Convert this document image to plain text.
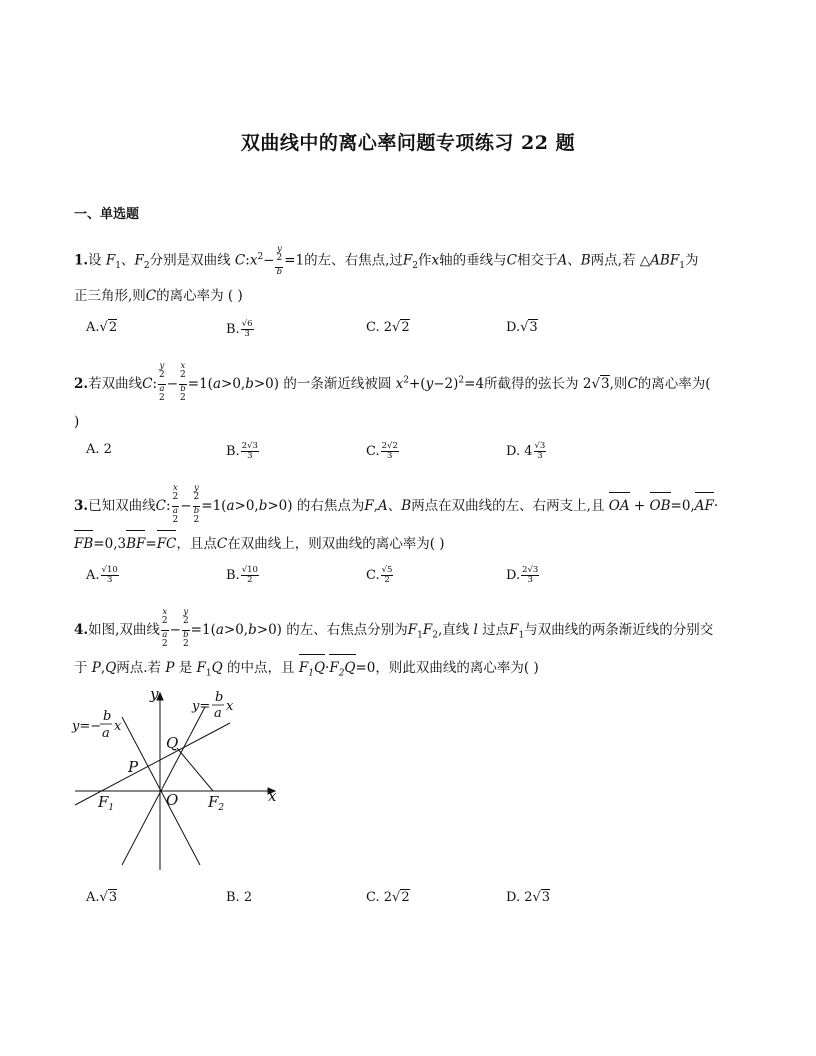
双曲线中的离心率问题专项练习 22 题
一、单选题
1.设 $F_1$、$F_2$分别是双曲线 $C:x^2- y$
$^2$
b =1的左、右焦点,过$F_2$作x轴的垂线与C相交于A、B两点,若 $\triangle ABF_1$为
正三角形,则C的离心率为 ( )
A.√2	B. $\frac{√6}{3}$	C. 2√2	D.√3
2.若双曲线C: y
$^2$
a
$^2$ − x
$^2$
b
$^2$ =1(a>0,b>0) 的一条渐近线被圆 $x^2+(y-2)^2=4$所截得的弦长为 2√3,则C的离心率为(
)
A. 2	B. $\frac{2√3}{3}$	C. $\frac{2√2}{3}$	D. $4 \frac{√3}{3}$
3.已知双曲线C: x
$^2$
a
$^2$ − y
$^2$
b
$^2$ =1(a>0,b>0) 的右焦点为F,A、B两点在双曲线的左、右两支上,且 OA + OB=0,AF·
FB=0,3BF=FC，且点C在双曲线上，则双曲线的离心率为( )
A. $\frac{√10}{3}$	B. $\frac{√10}{2}$	C. $\frac{√5}{2}$	D. $\frac{2√3}{3}$
4.如图,双曲线 x
$^2$
a
$^2$ − y
$^2$
b
$^2$ =1(a>0,b>0) 的左、右焦点分别为$F_1F_2$,直线 l 过点$F_1$与双曲线的两条渐近线的分别交
于 P,Q两点.若 P 是 $F_1Q$ 的中点，且 $F_1Q\cdot F_2Q=0$，则此双曲线的离心率为( )
y
x
O
P
Q
$F_1$	$F_2$
y=−
b
a x
y=
b
a x
A.√3	B. 2	C. 2√2	D. 2√3
